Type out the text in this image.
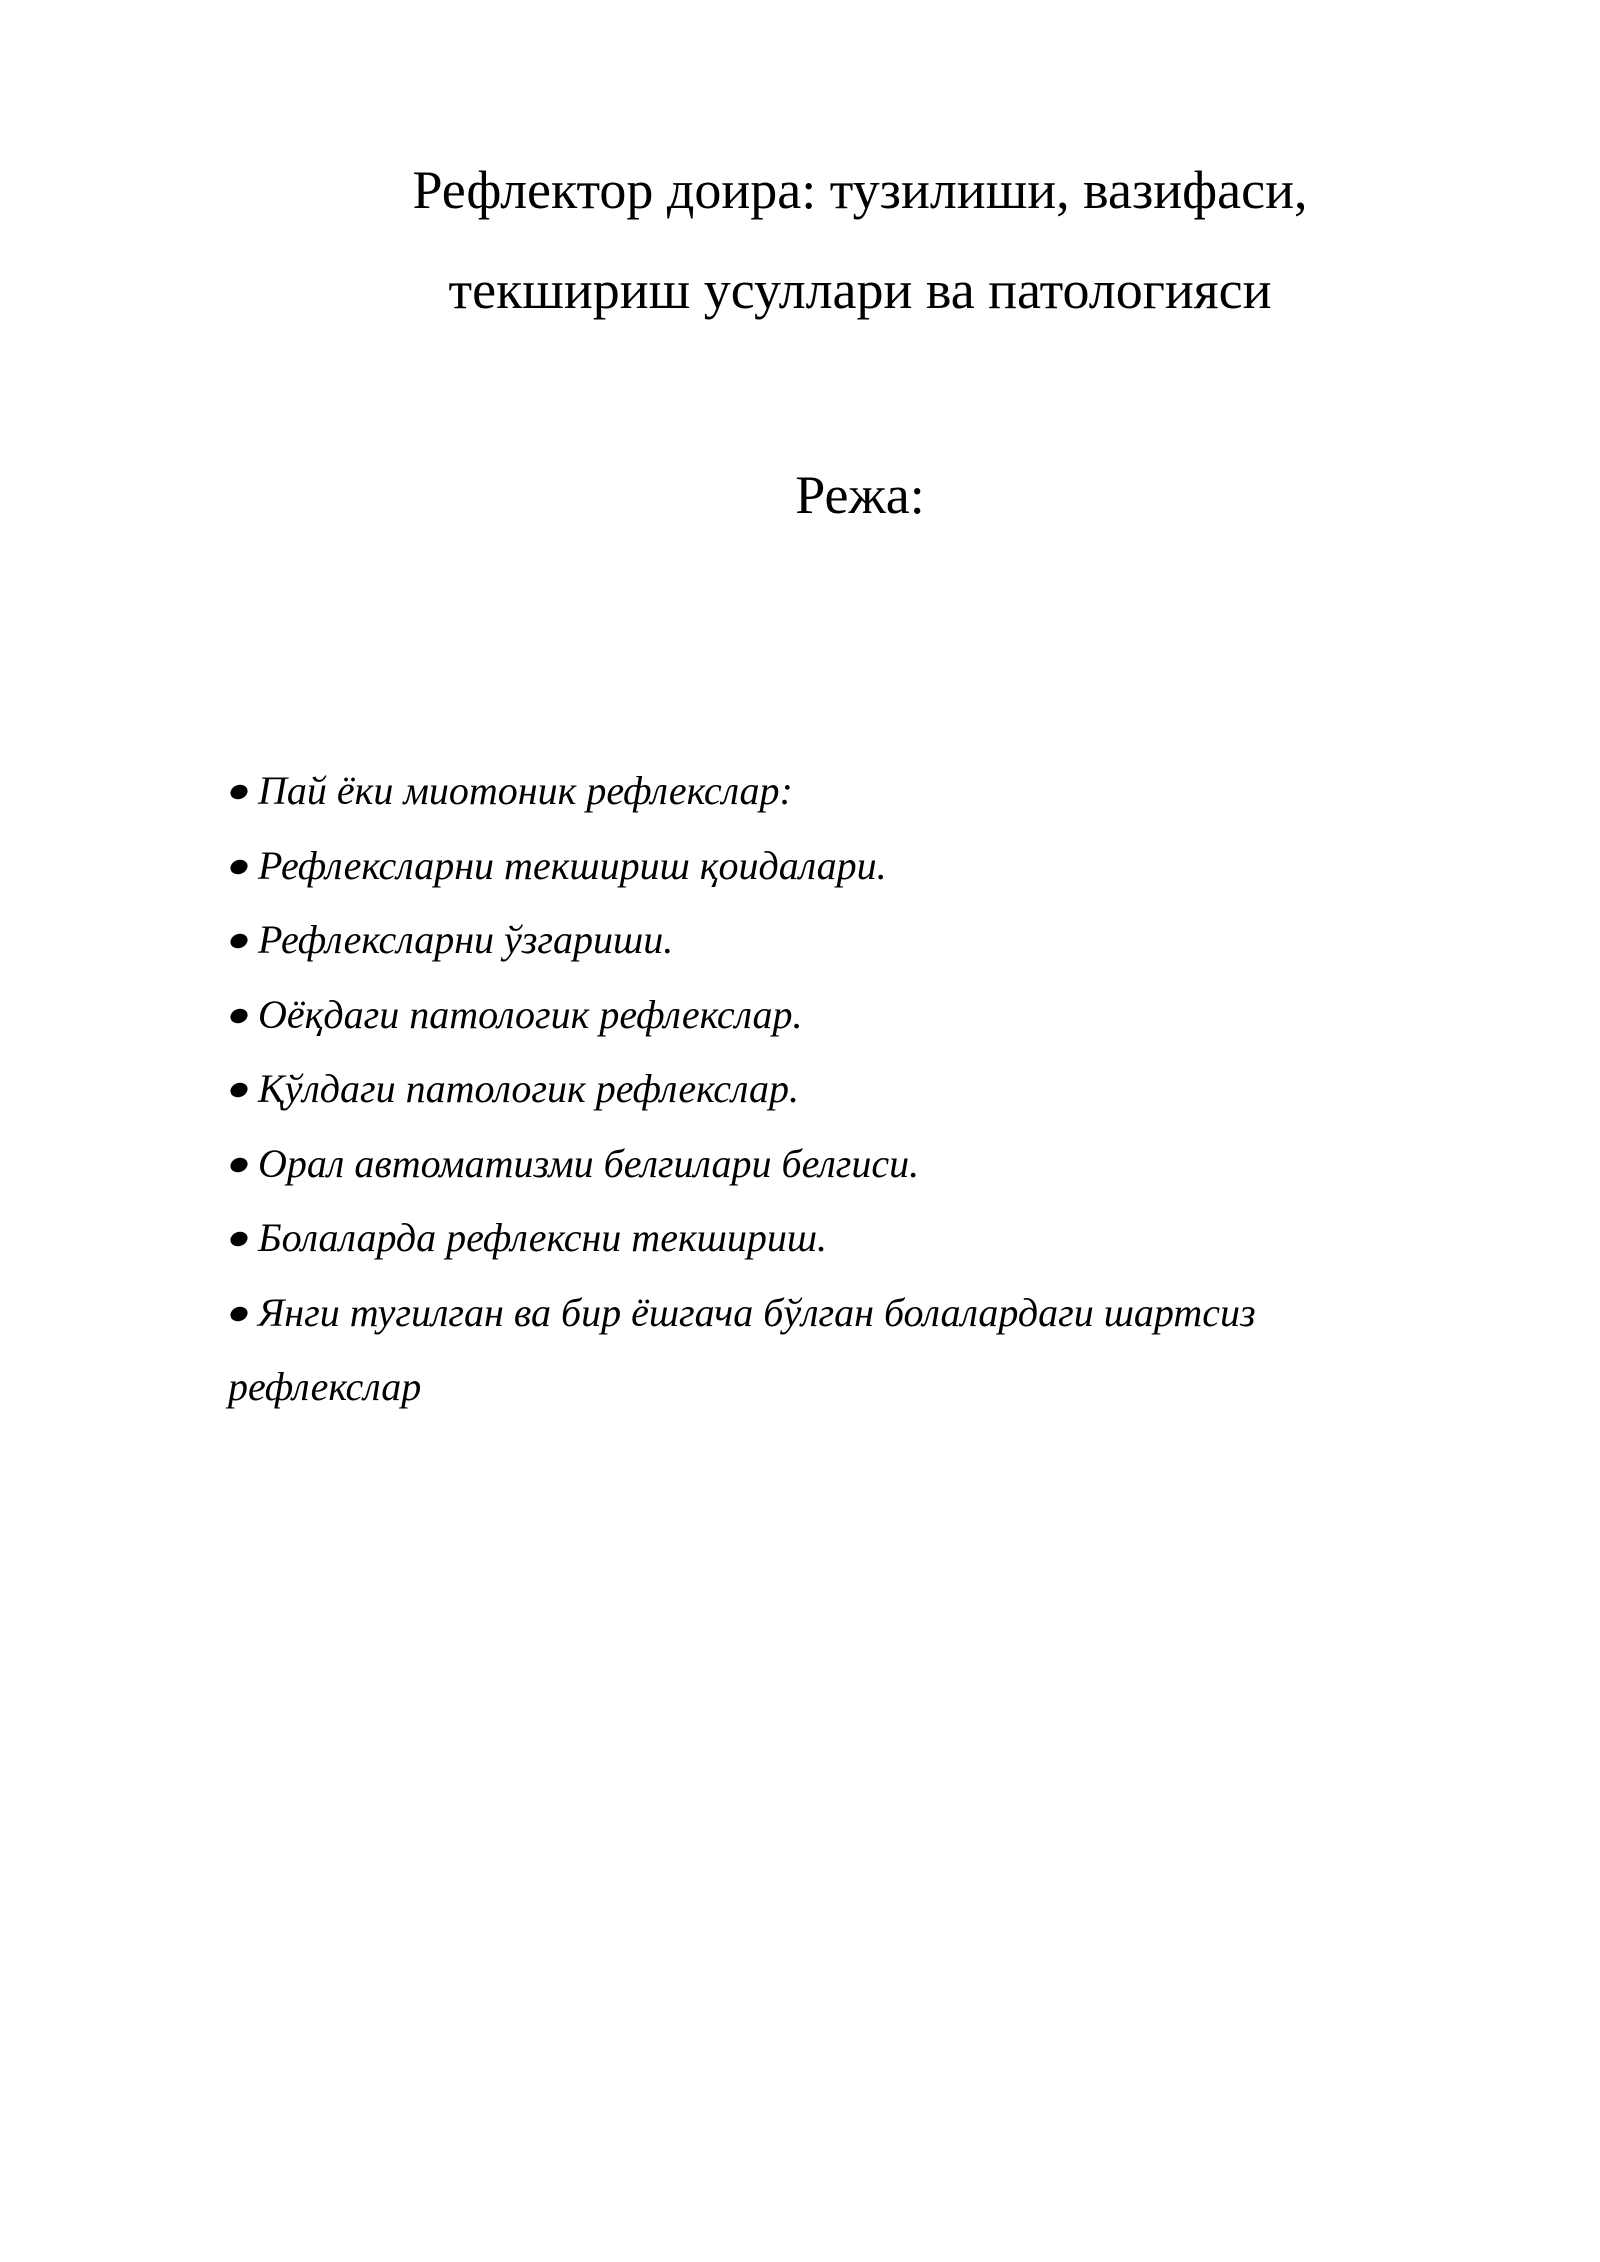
Рефлектор доира: тузилиши, вазифаси,
текшириш усуллари ва патологияси
Режа:
Пай ёки миотоник рефлекслар:
Рефлексларни текшириш қоидалари.
Рефлексларни ўзгариши.
Оёқдаги патологик рефлекслар.
Қўлдаги патологик рефлекслар.
Орал автоматизми белгилари белгиси.
Болаларда рефлексни текшириш.
Янги тугилган ва бир ёшгача бўлган болалардаги шартсиз рефлекслар
